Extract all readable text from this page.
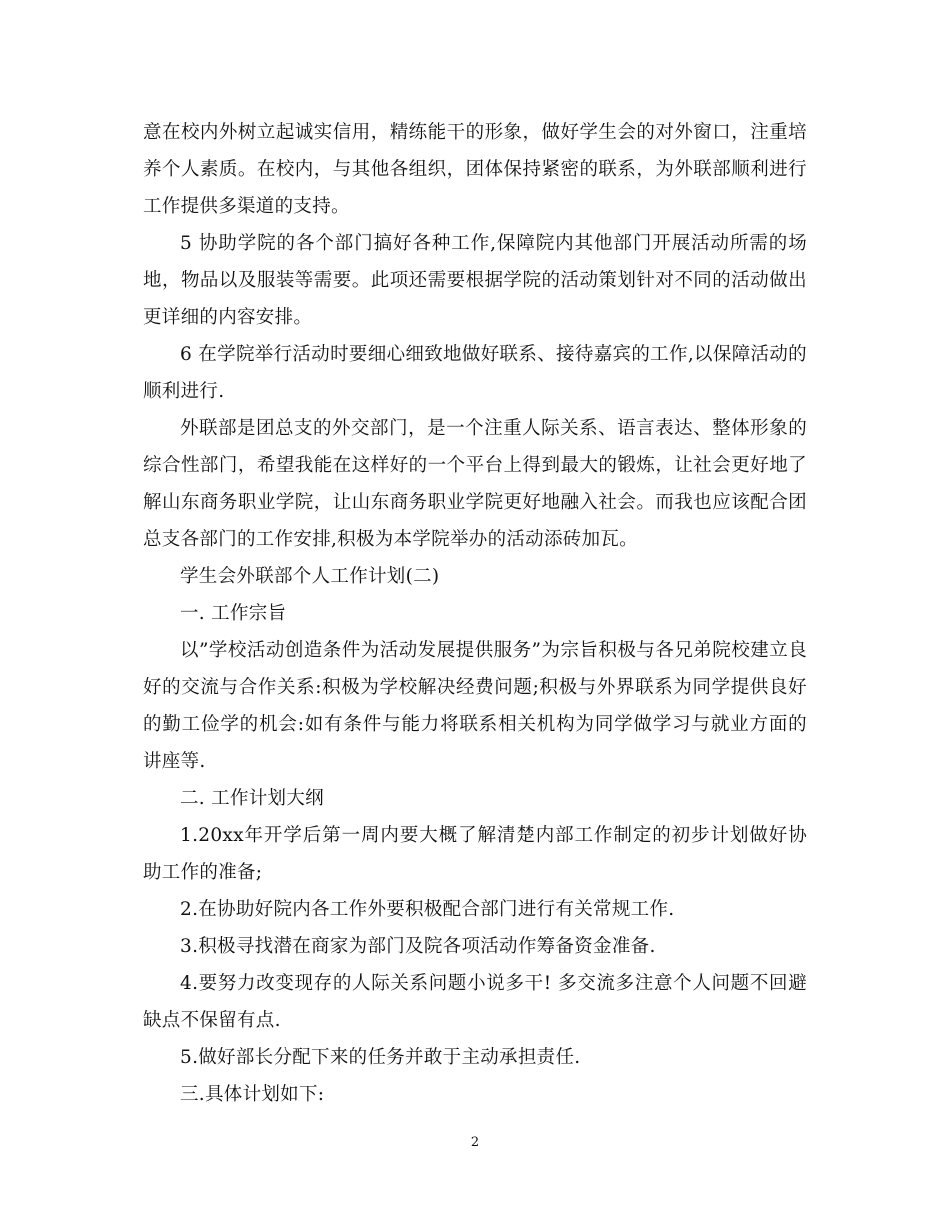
意在校内外树立起诚实信用，精练能干的形象，做好学生会的对外窗口，注重培养个人素质。在校内，与其他各组织，团体保持紧密的联系，为外联部顺利进行工作提供多渠道的支持。

5 协助学院的各个部门搞好各种工作,保障院内其他部门开展活动所需的场地，物品以及服装等需要。此项还需要根据学院的活动策划针对不同的活动做出更详细的内容安排。

6 在学院举行活动时要细心细致地做好联系、接待嘉宾的工作,以保障活动的顺利进行.

外联部是团总支的外交部门，是一个注重人际关系、语言表达、整体形象的综合性部门，希望我能在这样好的一个平台上得到最大的锻炼，让社会更好地了解山东商务职业学院，让山东商务职业学院更好地融入社会。而我也应该配合团总支各部门的工作安排,积极为本学院举办的活动添砖加瓦。

学生会外联部个人工作计划(二)

一. 工作宗旨

以”学校活动创造条件为活动发展提供服务”为宗旨积极与各兄弟院校建立良好的交流与合作关系:积极为学校解决经费问题;积极与外界联系为同学提供良好的勤工俭学的机会:如有条件与能力将联系相关机构为同学做学习与就业方面的讲座等.

二. 工作计划大纲

1.20xx年开学后第一周内要大概了解清楚内部工作制定的初步计划做好协助工作的准备;

2.在协助好院内各工作外要积极配合部门进行有关常规工作.

3.积极寻找潜在商家为部门及院各项活动作筹备资金准备.

4.要努力改变现存的人际关系问题小说多干! 多交流多注意个人问题不回避缺点不保留有点.

5.做好部长分配下来的任务并敢于主动承担责任.

三.具体计划如下:

2
